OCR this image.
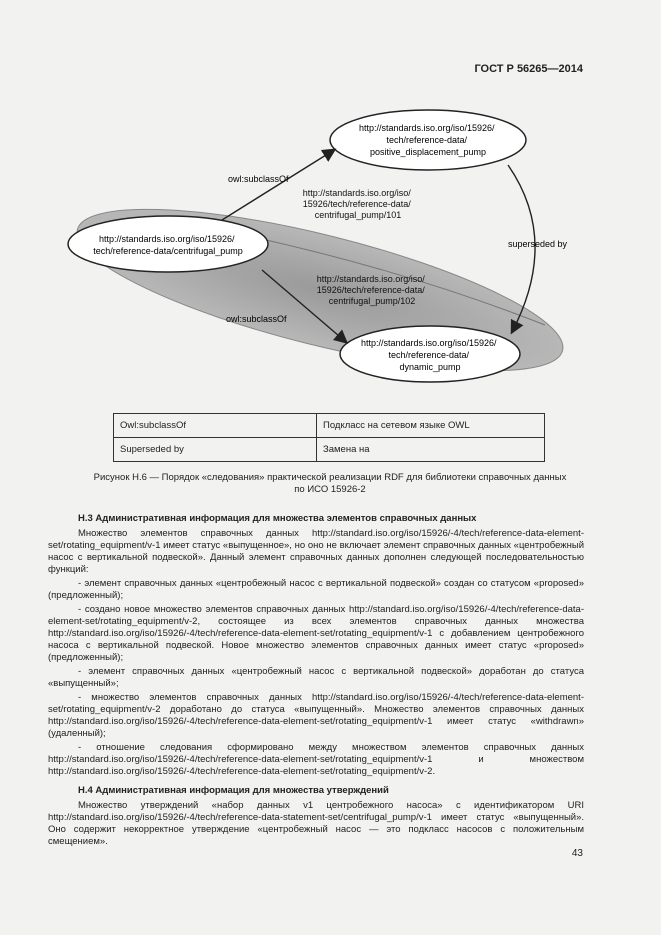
ГОСТ Р 56265—2014
http://standards.iso.org/iso/15926/ tech/reference-data/ positive_displacement_pump
http://standards.iso.org/iso/15926/ tech/reference-data/centrifugal_pump
http://standards.iso.org/iso/15926/ tech/reference-data/ dynamic_pump
owl:subclassOf
owl:subclassOf
superseded by
http://standards.iso.org/iso/ 15926/tech/reference-data/ centrifugal_pump/101
http://standards.iso.org/iso/ 15926/tech/reference-data/ centrifugal_pump/102
Owl:subclassOf	Подкласс на сетевом языке OWL
Superseded by	Замена на
Рисунок Н.6 — Порядок «следования» практической реализации RDF для библиотеки справочных данных
по ИСО 15926-2
Н.3 Административная информация для множества элементов справочных данных

Множество элементов справочных данных http://standard.iso.org/iso/15926/-4/tech/reference-data-element- set/rotating_equipment/v-1 имеет статус «выпущенное», но оно не включает элемент справочных данных «центробежный насос с вертикальной подвеской». Данный элемент справочных данных дополнен следующей последовательностью функций:

- элемент справочных данных «центробежный насос с вертикальной подвеской» создан со статусом «proposed» (предложенный);

- создано новое множество элементов справочных данных http://standard.iso.org/iso/15926/-4/tech/reference-data-element-set/rotating_equipment/v-2, состоящее из всех элементов справочных данных множества http://standard.iso.org/iso/15926/-4/tech/reference-data-element-set/rotating_equipment/v-1 с добавлением центробежного насоса с вертикальной подвеской. Новое множество элементов справочных данных имеет статус «proposed» (предложенный);

- элемент справочных данных «центробежный насос с вертикальной подвеской» доработан до статуса «выпущенный»;

- множество элементов справочных данных http://standard.iso.org/iso/15926/-4/tech/reference-data-element-set/rotating_equipment/v-2 доработано до статуса «выпущенный». Множество элементов справочных данных http://standard.iso.org/iso/15926/-4/tech/reference-data-element-set/rotating_equipment/v-1 имеет статус «withdrawn» (удаленный);

- отношение следования сформировано между множеством элементов справочных данных http://standard.iso.org/iso/15926/-4/tech/reference-data-element-set/rotating_equipment/v-1 и множеством http://standard.iso.org/iso/15926/-4/tech/reference-data-element-set/rotating_equipment/v-2.

Н.4 Административная информация для множества утверждений

Множество утверждений «набор данных v1 центробежного насоса» с идентификатором URI http://standard.iso.org/iso/15926/-4/tech/reference-data-statement-set/centrifugal_pump/v-1 имеет статус «выпущенный». Оно содержит некорректное утверждение «центробежный насос — это подкласс насосов с положительным смещением».

43
